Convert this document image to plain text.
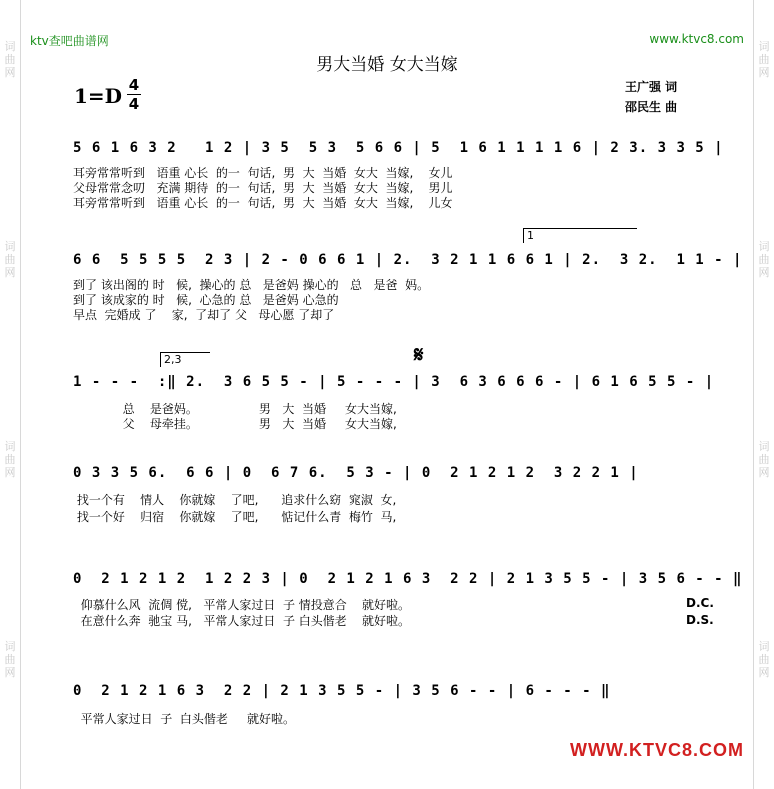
词曲网
词曲网
词曲网
词曲网
词曲网
词曲网
词曲网
词曲网
ktv查吧曲谱网	www.ktvc8.com
男大当婚 女大当嫁
$1=D \frac{4}{4}$	王广强 词
邵民生 曲
5 6 1 6 3 2   1 2 | 3 5  5 3  5 6 6 | 5  1 6 1 1 1 1 6 | 2 3. 3 3 5 |
耳旁常常听到   语重 心长  的一  句话,  男  大  当婚  女大  当嫁,    女儿
父母常常念叨   充满 期待  的一  句话,  男  大  当婚  女大  当嫁,    男儿
耳旁常常听到   语重 心长  的一  句话,  男  大  当婚  女大  当嫁,    儿女
1
6 6  5 5 5 5  2 3 | 2 - 0 6 6 1 | 2.  3 2 1 1 6 6 1 | 2.  3 2.  1 1 - |
到了 该出阁的 时   候,  操心的 总   是爸妈 操心的   总   是爸  妈。
到了 该成家的 时   候,  心急的 总   是爸妈 心急的
早点  完婚成 了    家,  了却了 父   母心愿 了却了
2,3	𝄋
1 - - -  :‖ 2.  3 6 5 5 - | 5 - - - | 3  6 3 6 6 6 - | 6 1 6 5 5 - |
总    是爸妈。                男   大  当婚     女大当嫁,
父    母牵挂。                男   大  当婚     女大当嫁,
0 3 3 5 6.  6 6 | 0  6 7 6.  5 3 - | 0  2 1 2 1 2  3 2 2 1 |
找一个有    情人    你就嫁    了吧,      追求什么窈  窕淑  女,
找一个好    归宿    你就嫁    了吧,      惦记什么青  梅竹  马,
0  2 1 2 1 2  1 2 2 3 | 0  2 1 2 1 6 3  2 2 | 2 1 3 5 5 - | 3 5 6 - - ‖
仰慕什么风  流倜 傥,   平常人家过日  子 情投意合    就好啦。
在意什么奔  驰宝 马,   平常人家过日  子 白头偕老    就好啦。
D.C.
D.S.
0  2 1 2 1 6 3  2 2 | 2 1 3 5 5 - | 3 5 6 - - | 6 - - - ‖
平常人家过日  子  白头偕老     就好啦。
WWW.KTVC8.COM
